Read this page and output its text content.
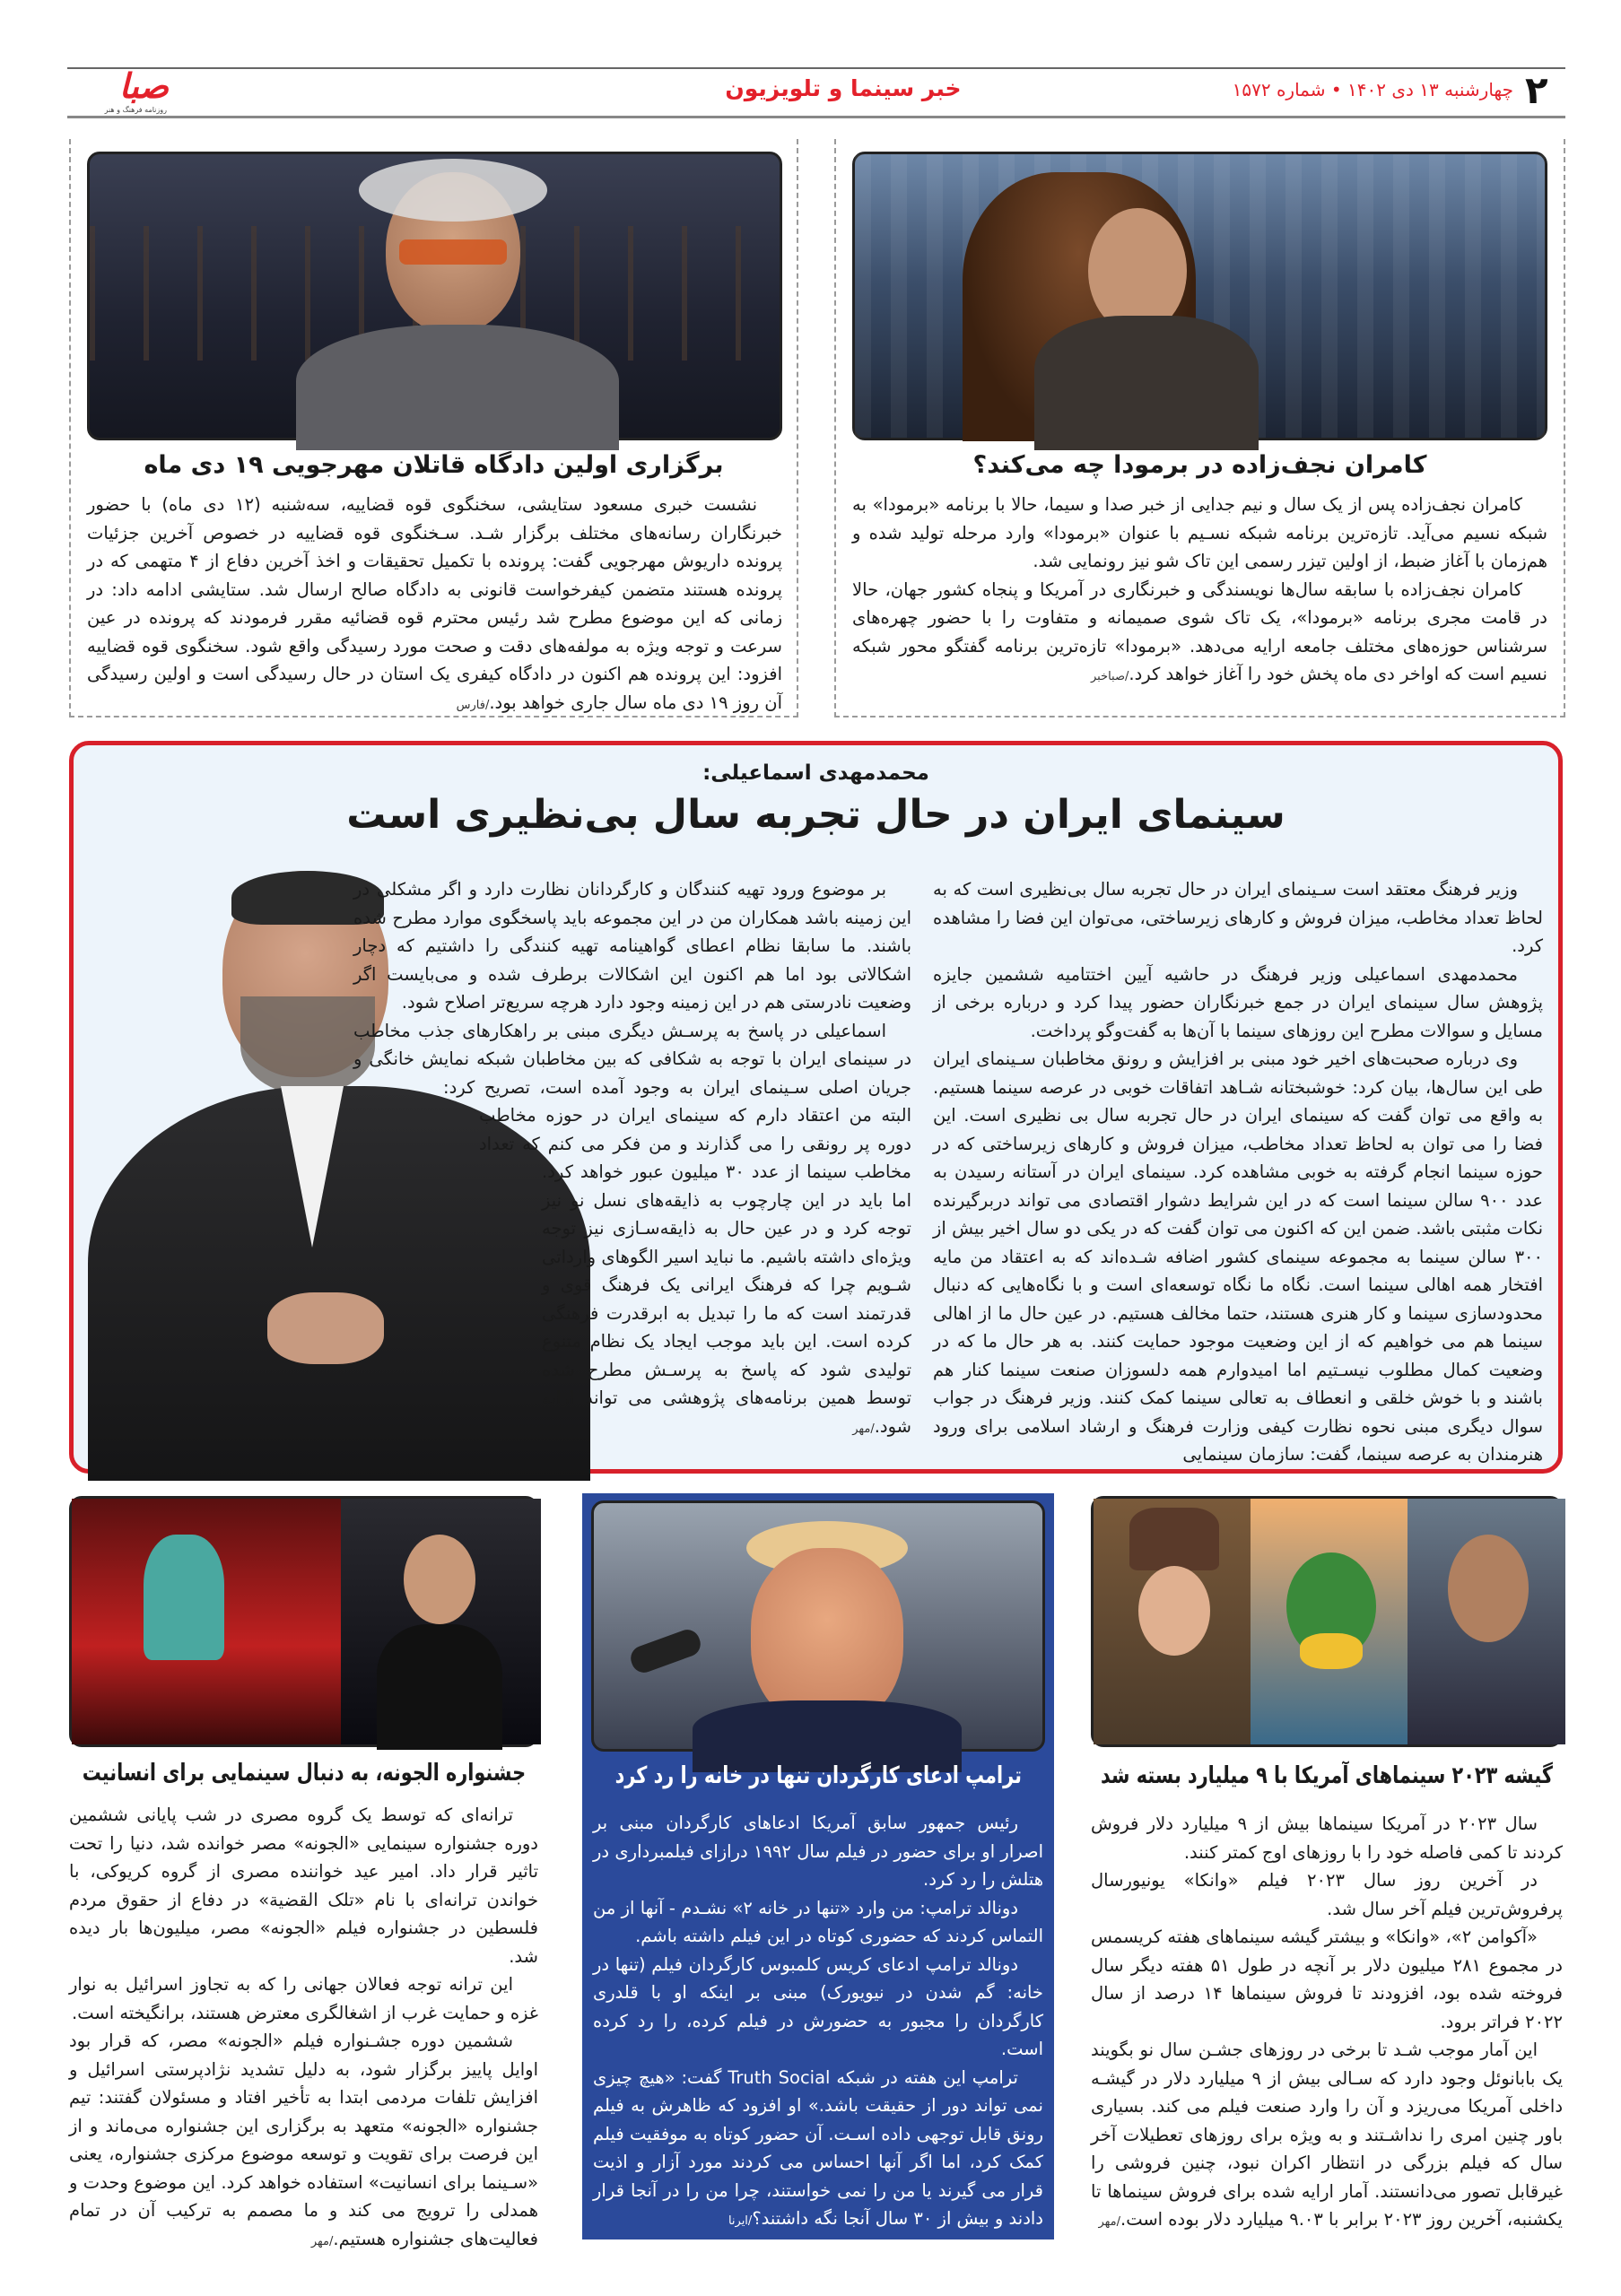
صبا
روزنامه فرهنگ و هنر
خبر سینما و تلویزیون	چهارشنبه ۱۳ دی ۱۴۰۲ • شماره ۱۵۷۲ ۲
کامران نجف‌زاده در برمودا چه می‌کند؟

کامران نجف‌زاده پس از یک سال و نیم جدایی از خبر صدا و سیما، حالا با برنامه «برمودا» به شبکه نسیم می‌آید. تازه‌ترین برنامه شبکه نسـیم با عنوان «برمودا» وارد مرحله تولید شده و هم‌زمان با آغاز ضبط، از اولین تیزر رسمی این تاک شو نیز رونمایی شد.

کامران نجف‌زاده با سابقه سال‌ها نویسندگی و خبرنگاری در آمریکا و پنجاه کشور جهان، حالا در قامت مجری برنامه «برمودا»، یک تاک شوی صمیمانه و متفاوت را با حضور چهره‌های سرشناس حوزه‌های مختلف جامعه ارایه می‌دهد. «برمودا» تازه‌ترین برنامه گفتگو محور شبکه نسیم است که اواخر دی ماه پخش خود را آغاز خواهد کرد./صباخبر

برگزاری اولین دادگاه قاتلان مهرجویی ۱۹ دی ماه

نشست خبری مسعود ستایشی، سخنگوی قوه قضاییه، سه‌شنبه (۱۲ دی ماه) با حضور خبرنگاران رسانه‌های مختلف برگزار شـد. سـخنگوی قوه قضاییه در خصوص آخرین جزئیات پرونده داریوش مهرجویی گفت: پرونده با تکمیل تحقیقات و اخذ آخرین دفاع از ۴ متهمی که در پرونده هستند متضمن کیفرخواست قانونی به دادگاه صالح ارسال شد. ستایشی ادامه داد: در زمانی که این موضوع مطرح شد رئیس محترم قوه قضائیه مقرر فرمودند که پرونده در عین سرعت و توجه ویژه به مولفه‌های دقت و صحت مورد رسیدگی واقع شود. سخنگوی قوه قضاییه افزود: این پرونده هم اکنون در دادگاه کیفری یک استان در حال رسیدگی است و اولین رسیدگی آن روز ۱۹ دی ماه سال جاری خواهد بود./فارس

محمدمهدی اسماعیلی:
سینمای ایران در حال تجربه سال بی‌نظیری است

وزیر فرهنگ معتقد است سـینمای ایران در حال تجربه سال بی‌نظیری است که به لحاظ تعداد مخاطب، میزان فروش و کارهای زیرساختی، می‌توان این فضا را مشاهده کرد.

محمدمهدی اسماعیلی وزیر فرهنگ در حاشیه آیین اختتامیه ششمین جایزه پژوهش سال سینمای ایران در جمع خبرنگاران حضور پیدا کرد و درباره برخی از مسایل و سوالات مطرح این روزهای سینما با آن‌ها به گفت‌وگو پرداخت.

وی درباره صحبت‌های اخیر خود مبنی بر افزایش و رونق مخاطبان سـینمای ایران طی این سال‌ها، بیان کرد: خوشبختانه شـاهد اتفاقات خوبی در عرصه سینما هستیم. به واقع می توان گفت که سینمای ایران در حال تجربه سال بی نظیری است. این فضا را می توان به لحاظ تعداد مخاطب، میزان فروش و کارهای زیرساختی که در حوزه سینما انجام گرفته به خوبی مشاهده کرد. سینمای ایران در آستانه رسیدن به عدد ۹۰۰ سالن سینما است که در این شرایط دشوار اقتصادی می تواند دربرگیرنده نکات مثبتی باشد. ضمن این که اکنون می توان گفت که در یکی دو سال اخیر بیش از ۳۰۰ سالن سینما به مجموعه سینمای کشور اضافه شـده‌اند که به اعتقاد من مایه افتخار همه اهالی سینما است. نگاه ما نگاه توسعه‌ای است و با نگاه‌هایی که دنبال محدودسازی سینما و کار هنری هستند، حتما مخالف هستیم. در عین حال ما از اهالی سینما هم می خواهیم که از این وضعیت موجود حمایت کنند. به هر حال ما که در وضعیت کمال مطلوب نیسـتیم اما امیدوارم همه دلسوزان صنعت سینما کنار هم باشند و با خوش خلقی و انعطاف به تعالی سینما کمک کنند. وزیر فرهنگ در جواب سوال دیگری مبنی نحوه نظارت کیفی وزارت فرهنگ و ارشاد اسلامی برای ورود هنرمندان به عرصه سینما، گفت: سازمان سینمایی

بر موضوع ورود تهیه کنندگان و کارگردانان نظارت دارد و اگر مشکلی در این زمینه باشد همکاران من در این مجموعه باید پاسخگوی موارد مطرح شده باشند. ما سابقا نظام اعطای گواهینامه تهیه کنندگی را داشتیم که دچار اشکالاتی بود اما هم اکنون این اشکالات برطرف شده و می‌بایست اگر وضعیت نادرستی هم در این زمینه وجود دارد هرچه سریع‌تر اصلاح شود.

اسماعیلی در پاسخ به پرسـش دیگری مبنی بر راهکارهای جذب مخاطب در سینمای ایران با توجه به شکافی که بین مخاطبان شبکه نمایش خانگی و جریان اصلی سـینمای ایران به وجود آمده است، تصریح کرد: البته من اعتقاد دارم که سینمای ایران در حوزه مخاطب دوره پر رونقی را می گذارند و من فکر می کنم که تعداد مخاطب سینما از عدد ۳۰ میلیون عبور خواهد کرد. اما باید در این چارچوب به ذایقه‌های نسل نو نیز توجه کرد و در عین حال به ذایقه‌سـازی نیز توجه ویژه‌ای داشته باشیم. ما نباید اسیر الگوهای وارداتی شـویم چرا که فرهنگ ایرانی یک فرهنگ قوی و قدرتمند است که ما را تبدیل به ابرقدرت فرهنگی کرده است. این باید موجب ایجاد یک نظام متنوع تولیدی شود که پاسخ به پرسـش مطرح شده توسط همین برنامه‌های پژوهشی می تواند ارایه شود./مهر

گیشه ۲۰۲۳ سینماهای آمریکا با ۹ میلیارد بسته شد

سال ۲۰۲۳ در آمریکا سینماها بیش از ۹ میلیارد دلار فروش کردند تا کمی فاصله خود را با روزهای اوج کمتر کنند.

در آخرین روز سال ۲۰۲۳ فیلم «وانکا» یونیورسال پرفروش‌ترین فیلم آخر سال شد.

«آکوامن ۲»، «وانکا» و بیشتر گیشه سینماهای هفته کریسمس در مجموع ۲۸۱ میلیون دلار بر آنچه در طول ۵۱ هفته دیگر سال فروخته شده بود، افزودند تا فروش سینماها ۱۴ درصد از سال ۲۰۲۲ فراتر برود.

این آمار موجب شـد تا برخی در روزهای جشـن سال نو بگویند یک بابانوئل وجود دارد که سـالی بیش از ۹ میلیارد دلار در گیشـه داخلی آمریکا می‌ریزد و آن را وارد صنعت فیلم می کند. بسیاری باور چنین امری را نداشـتند و به ویژه برای روزهای تعطیلات آخر سال که فیلم بزرگی در انتظار اکران نبود، چنین فروشی را غیرقابل تصور می‌دانستند. آمار ارایه شده برای فروش سینماها تا یکشنبه، آخرین روز ۲۰۲۳ برابر با ۹.۰۳ میلیارد دلار بوده است./مهر

ترامپ ادعای کارگردان تنها در خانه را رد کرد

رئیس جمهور سابق آمریکا ادعاهای کارگردان مبنی بر اصرار او برای حضور در فیلم سال ۱۹۹۲ درازای فیلمبرداری در هتلش را رد کرد.

دونالد ترامپ: من وارد «تنها در خانه ۲» نشـدم - آنها از من التماس کردند که حضوری کوتاه در این فیلم داشته باشم.

دونالد ترامپ ادعای کریس کلمبوس کارگردان فیلم (تنها در خانه: گم شدن در نیویورک) مبنی بر اینکه او با قلدری کارگردان را مجبور به حضورش در فیلم کرده، را رد کرده است.

ترامپ این هفته در شبکه Truth Social گفت: «هیچ چیزی نمی تواند دور از حقیقت باشد.» او افزود که ظاهرش به فیلم رونق قابل توجهی داده اسـت. آن حضور کوتاه به موفقیت فیلم کمک کرد، اما اگر آنها احساس می کردند مورد آزار و اذیت قرار می گیرند یا من را نمی خواستند، چرا من را در آنجا قرار دادند و بیش از ۳۰ سال آنجا نگه داشتند؟/ایرنا

جشنواره الجونه، به دنبال سینمایی برای انسانیت

ترانه‌ای که توسط یک گروه مصری در شب پایانی ششمین دوره جشنواره سینمایی «الجونه» مصر خوانده شد، دنیا را تحت تاثیر قرار داد. امیر عید خواننده مصری از گروه کریوکی، با خواندن ترانه‌ای با نام «تلک القضیة» در دفاع از حقوق مردم فلسطین در جشنواره فیلم «الجونه» مصر، میلیون‌ها بار دیده شد.

این ترانه توجه فعالان جهانی را که به تجاوز اسرائیل به نوار غزه و حمایت غرب از اشغالگری معترض هستند، برانگیخته است.

ششمین دوره جشـنواره فیلم «الجونه» مصر، که قرار بود اوایل پاییز برگزار شود، به دلیل تشدید نژادپرستی اسرائیل و افزایش تلفات مردمی ابتدا به تأخیر افتاد و مسئولان گفتند: تیم جشنواره «الجونه» متعهد به برگزاری این جشنواره می‌ماند و از این فرصت برای تقویت و توسعه موضوع مرکزی جشنواره، یعنی «سـینما برای انسانیت» استفاده خواهد کرد. این موضوع وحدت و همدلی را ترویج می کند و ما مصمم به ترکیب آن در تمام فعالیت‌های جشنواره هستیم./مهر
